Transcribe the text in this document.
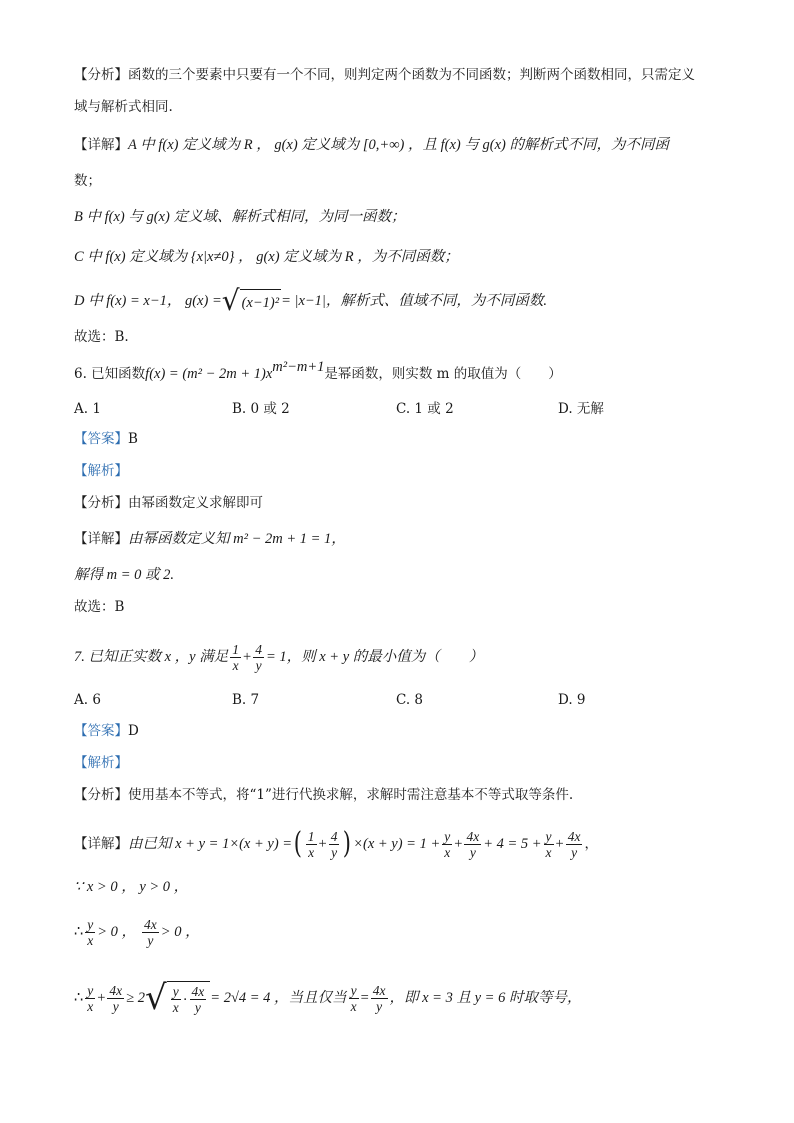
【分析】 函数的三个要素中只要有一个不同，则判定两个函数为不同函数；判断两个函数相同，只需定义
域与解析式相同.
【详解】 A 中 f(x) 定义域为 R ， g(x) 定义域为 [0,+∞) ，且 f(x) 与 g(x) 的解析式不同，为不同函
数；
B 中 f(x) 与 g(x) 定义域、解析式相同，为同一函数；
C 中 f(x) 定义域为 {x|x≠0} ， g(x) 定义域为 R ，为不同函数；
D 中 f(x) = x−1， g(x) = √ (x−1)² = |x−1|，解析式、值域不同，为不同函数.
故选：B.
6. 已知函数 $f(x) = (m^2 - 2m + 1)x^{m^2-m+1}$ 是幂函数，则实数 m 的取值为（　　）
A. 1	B. 0 或 2	C. 1 或 2	D. 无解
【答案】 B
【解析】
【分析】 由幂函数定义求解即可
【详解】 由幂函数定义知 m² − 2m + 1 = 1，
解得 m = 0 或 2.
故选：B
7. 已知正实数 x ，y 满足 $\frac{1}{x} + \frac{4}{y} = 1$，则 x + y 的最小值为（　　）
A. 6	B. 7	C. 8	D. 9
【答案】 D
【解析】
【分析】 使用基本不等式，将“1”进行代换求解，求解时需注意基本不等式取等条件.
【详解】 由已知 x + y = 1×(x + y) = ( $\frac{1}{x} + \frac{4}{y}$ ) $\times(x + y) = 1 + \frac{y}{x} + \frac{4x}{y} + 4 = 5 + \frac{y}{x} + \frac{4x}{y}$ ，
∵ x > 0 ， y > 0 ，
∴ $\frac{y}{x} > 0$ ， $\frac{4x}{y} > 0$ ，
∴ $\frac{y}{x} + \frac{4x}{y} \ge 2$ √ $\frac{y}{x} \cdot \frac{4x}{y} = 2√4 = 4$ ，当且仅当 $\frac{y}{x} = \frac{4x}{y}$ ，即 x = 3 且 y = 6 时取等号，
